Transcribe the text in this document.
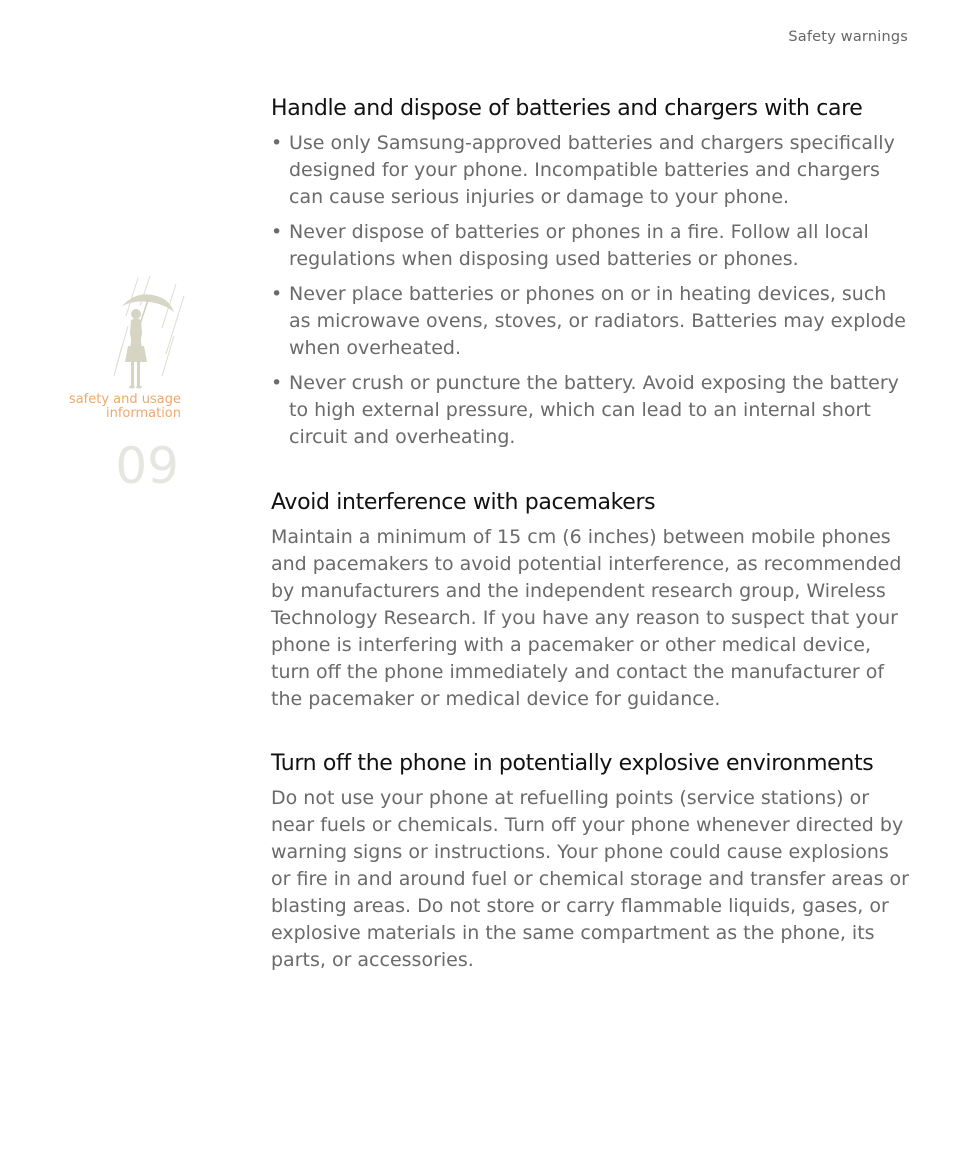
Safety warnings
safety and usage
information
09
Handle and dispose of batteries and chargers with care
• Use only Samsung-approved batteries and chargers specifically designed for your phone. Incompatible batteries and chargers can cause serious injuries or damage to your phone.
• Never dispose of batteries or phones in a fire. Follow all local regulations when disposing used batteries or phones.
• Never place batteries or phones on or in heating devices, such as microwave ovens, stoves, or radiators. Batteries may explode when overheated.
• Never crush or puncture the battery. Avoid exposing the battery to high external pressure, which can lead to an internal short circuit and overheating.
Avoid interference with pacemakers

Maintain a minimum of 15 cm (6 inches) between mobile phones and pacemakers to avoid potential interference, as recommended by manufacturers and the independent research group, Wireless Technology Research. If you have any reason to suspect that your phone is interfering with a pacemaker or other medical device, turn off the phone immediately and contact the manufacturer of the pacemaker or medical device for guidance.

Turn off the phone in potentially explosive environments

Do not use your phone at refuelling points (service stations) or near fuels or chemicals. Turn off your phone whenever directed by warning signs or instructions. Your phone could cause explosions or fire in and around fuel or chemical storage and transfer areas or blasting areas. Do not store or carry flammable liquids, gases, or explosive materials in the same compartment as the phone, its parts, or accessories.
